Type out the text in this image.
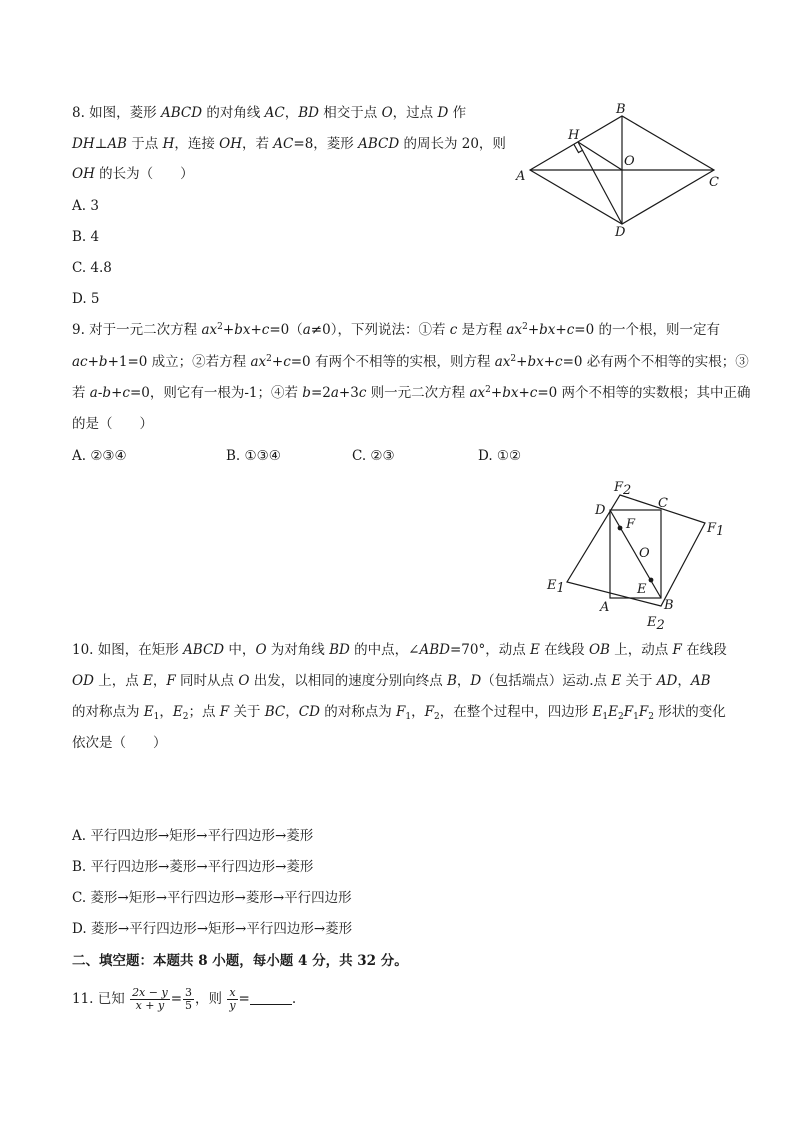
8. 如图，菱形 ABCD 的对角线 AC，BD 相交于点 O，过点 D 作
DH⊥AB 于点 H，连接 OH，若 AC=8，菱形 ABCD 的周长为 20，则
OH 的长为（　　）
A. 3
B. 4
C. 4.8
D. 5
B
H
O
A	C
D
9. 对于一元二次方程 $ax^2+bx+c=0(a\ne 0)$，下列说法：①若 c 是方程 $ax^2+bx+c=0$ 的一个根，则一定有
ac+b+1=0 成立；②若方程 $ax^2+c=0$ 有两个不相等的实根，则方程 $ax^2+bx+c=0$ 必有两个不相等的实根；③
若 a-b+c=0，则它有一根为-1；④若 b=2a+3c 则一元二次方程 $ax^2+bx+c=0$ 两个不相等的实数根；其中正确
的是（　　）
A. ②③④	B. ①③④	C. ②③	D. ①②
F2
C
D
F1
F
O
E1	E
A	B
E2
10. 如图，在矩形 ABCD 中，O 为对角线 BD 的中点，∠ABD=70°，动点 E 在线段 OB 上，动点 F 在线段
OD 上，点 E，F 同时从点 O 出发，以相同的速度分别向终点 B，D（包括端点）运动.点 E 关于 AD，AB
的对称点为 $E_1$，$E_2$；点 F 关于 BC，CD 的对称点为 $F_1$，$F_2$，在整个过程中，四边形 $E_1E_2F_1F_2$ 形状的变化
依次是（　　）
A. 平行四边形→矩形→平行四边形→菱形
B. 平行四边形→菱形→平行四边形→菱形
C. 菱形→矩形→平行四边形→菱形→平行四边形
D. 菱形→平行四边形→矩形→平行四边形→菱形
二、填空题：本题共 8 小题，每小题 4 分，共 32 分。
11. 已知 $\frac{2x - y}{x + y} = \frac{3}{5}$ ，则 $\frac{x}{y}$ =	.
